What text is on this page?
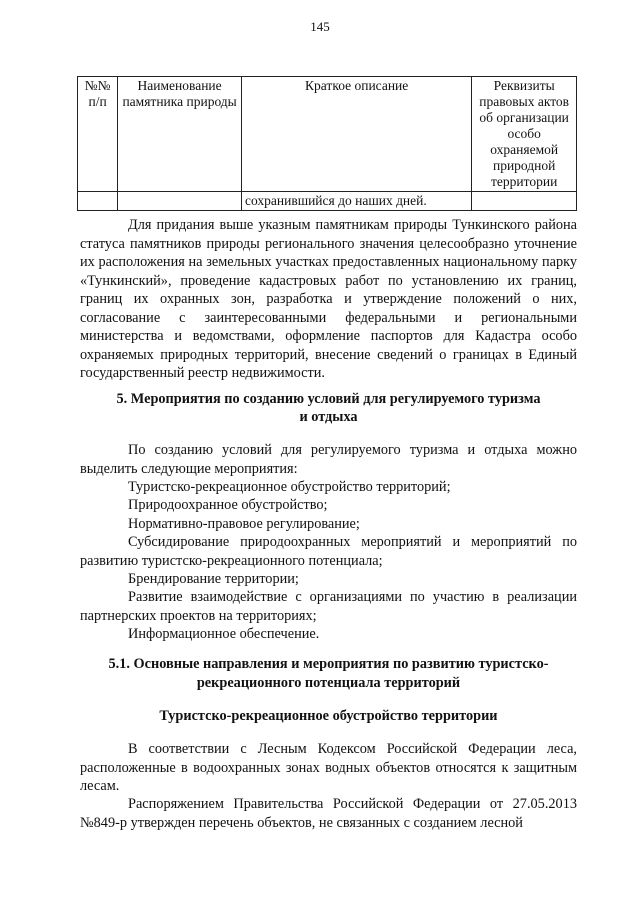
145
№№ п/п	Наименование памятника природы	Краткое описание	Реквизиты правовых актов об организации особо охраняемой природной территории
		сохранившийся до наших дней.	

Для придания выше указным памятникам природы Тункинского района статуса памятников природы регионального значения целесообразно уточнение их расположения на земельных участках предоставленных национальному парку «Тункинский», проведение кадастровых работ по установлению их границ, границ их охранных зон, разработка и утверждение положений о них, согласование с заинтересованными федеральными и региональными министерства и ведомствами, оформление паспортов для Кадастра особо охраняемых природных территорий, внесение сведений о границах в Единый государственный реестр недвижимости.

5. Мероприятия по созданию условий для регулируемого туризма

и отдыха

По созданию условий для регулируемого туризма и отдыха можно выделить следующие мероприятия:

Туристско-рекреационное обустройство территорий;

Природоохранное обустройство;

Нормативно-правовое регулирование;

Субсидирование природоохранных мероприятий и мероприятий по развитию туристско-рекреационного потенциала;

Брендирование территории;

Развитие взаимодействие с организациями по участию в реализации партнерских проектов на территориях;

Информационное обеспечение.

5.1. Основные направления и мероприятия по развитию туристско-

рекреационного потенциала территорий

Туристско-рекреационное обустройство территории

В соответствии с Лесным Кодексом Российской Федерации леса, расположенные в водоохранных зонах водных объектов относятся к защитным лесам.

Распоряжением Правительства Российской Федерации от 27.05.2013 №849-р утвержден перечень объектов, не связанных с созданием лесной
